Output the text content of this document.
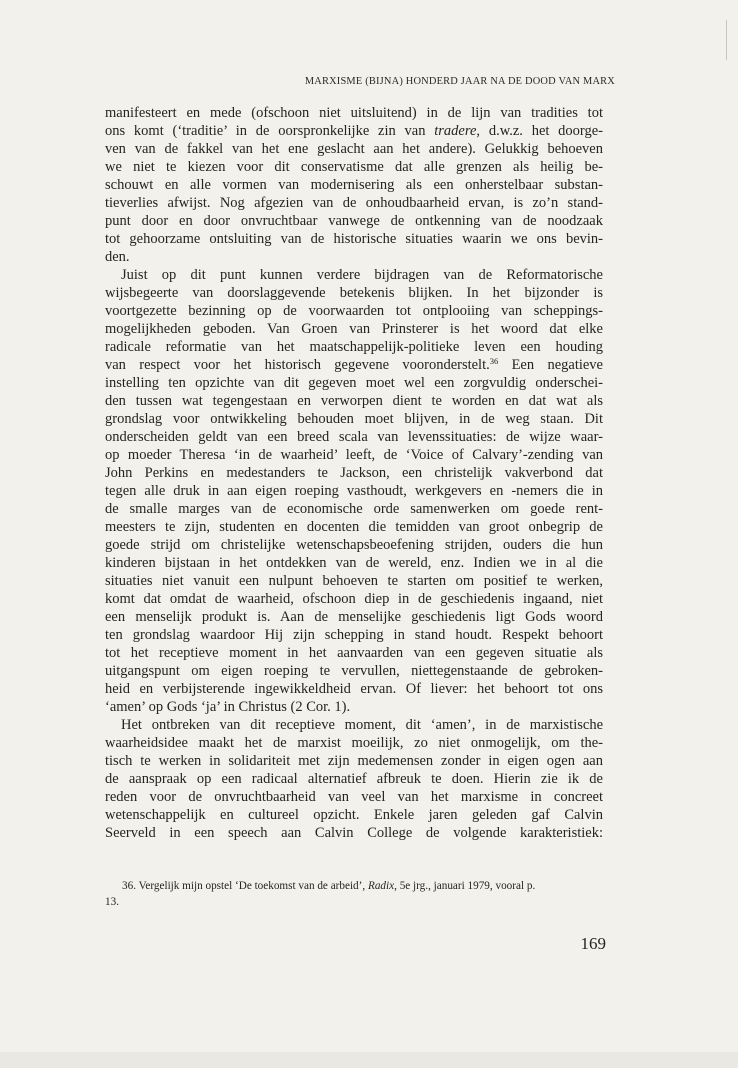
MARXISME (BIJNA) HONDERD JAAR NA DE DOOD VAN MARX

manifesteert en mede (ofschoon niet uitsluitend) in de lijn van tradities tot
ons komt (‘traditie’ in de oorspronkelijke zin van tradere, d.w.z. het doorge-
ven van de fakkel van het ene geslacht aan het andere). Gelukkig behoeven
we niet te kiezen voor dit conservatisme dat alle grenzen als heilig be-
schouwt en alle vormen van modernisering als een onherstelbaar substan-
tieverlies afwijst. Nog afgezien van de onhoudbaarheid ervan, is zo’n stand-
punt door en door onvruchtbaar vanwege de ontkenning van de noodzaak
tot gehoorzame ontsluiting van de historische situaties waarin we ons bevin-
den.

Juist op dit punt kunnen verdere bijdragen van de Reformatorische
wijsbegeerte van doorslaggevende betekenis blijken. In het bijzonder is
voortgezette bezinning op de voorwaarden tot ontplooiing van scheppings-
mogelijkheden geboden. Van Groen van Prinsterer is het woord dat elke
radicale reformatie van het maatschappelijk-politieke leven een houding
van respect voor het historisch gegevene vooronderstelt.$^{36}$ Een negatieve
instelling ten opzichte van dit gegeven moet wel een zorgvuldig onderschei-
den tussen wat tegengestaan en verworpen dient te worden en dat wat als
grondslag voor ontwikkeling behouden moet blijven, in de weg staan. Dit
onderscheiden geldt van een breed scala van levenssituaties: de wijze waar-
op moeder Theresa ‘in de waarheid’ leeft, de ‘Voice of Calvary’-zending van
John Perkins en medestanders te Jackson, een christelijk vakverbond dat
tegen alle druk in aan eigen roeping vasthoudt, werkgevers en -nemers die in
de smalle marges van de economische orde samenwerken om goede rent-
meesters te zijn, studenten en docenten die temidden van groot onbegrip de
goede strijd om christelijke wetenschapsbeoefening strijden, ouders die hun
kinderen bijstaan in het ontdekken van de wereld, enz. Indien we in al die
situaties niet vanuit een nulpunt behoeven te starten om positief te werken,
komt dat omdat de waarheid, ofschoon diep in de geschiedenis ingaand, niet
een menselijk produkt is. Aan de menselijke geschiedenis ligt Gods woord
ten grondslag waardoor Hij zijn schepping in stand houdt. Respekt behoort
tot het receptieve moment in het aanvaarden van een gegeven situatie als
uitgangspunt om eigen roeping te vervullen, niettegenstaande de gebroken-
heid en verbijsterende ingewikkeldheid ervan. Of liever: het behoort tot ons
‘amen’ op Gods ‘ja’ in Christus (2 Cor. 1).

Het ontbreken van dit receptieve moment, dit ‘amen’, in de marxistische
waarheidsidee maakt het de marxist moeilijk, zo niet onmogelijk, om the-
tisch te werken in solidariteit met zijn medemensen zonder in eigen ogen aan
de aanspraak op een radicaal alternatief afbreuk te doen. Hierin zie ik de
reden voor de onvruchtbaarheid van veel van het marxisme in concreet
wetenschappelijk en cultureel opzicht. Enkele jaren geleden gaf Calvin
Seerveld in een speech aan Calvin College de volgende karakteristiek:

36. Vergelijk mijn opstel ‘De toekomst van de arbeid’, Radix, 5e jrg., januari 1979, vooral p.
13.
169
